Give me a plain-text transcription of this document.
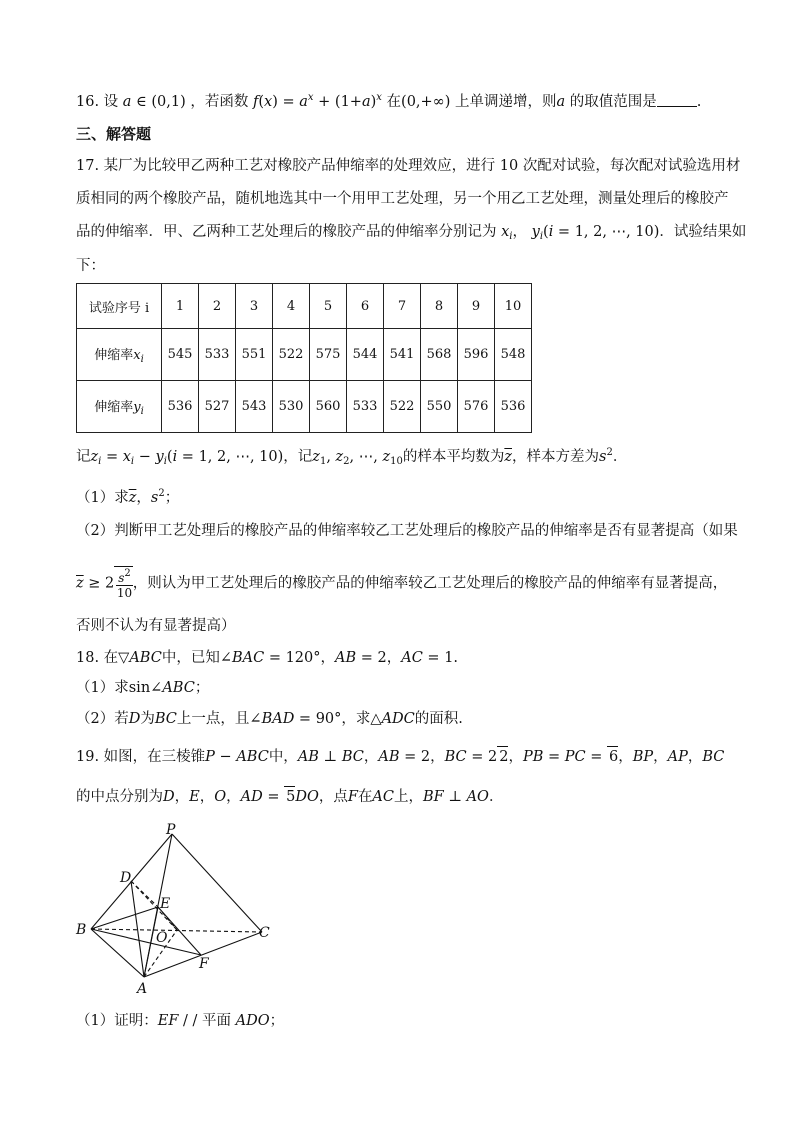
16. 设 a ∈ (0,1) ，若函数 $f(x) = a^x + (1+a)^x$ 在(0,+∞) 上单调递增，则a 的取值范围是	.
三、解答题
17. 某厂为比较甲乙两种工艺对橡胶产品伸缩率的处理效应，进行 10 次配对试验，每次配对试验选用材
质相同的两个橡胶产品，随机地选其中一个用甲工艺处理，另一个用乙工艺处理，测量处理后的橡胶产
品的伸缩率．甲、乙两种工艺处理后的橡胶产品的伸缩率分别记为 $x_i$， $y_i(i = 1$, 2, ⋯, 10)．试验结果如
下：
试验序号 i	1	2	3	4	5	6	7	8	9	10
伸缩率$x_i$	545	533	551	522	575	544	541	568	596	548
伸缩率$y_i$	536	527	543	530	560	533	522	550	576	536
记$z_i = x_i - y_i(i = 1$, 2, ⋯, 10)，记$z_1$, $z_2$, ⋯, $z_{10}$的样本平均数为$\overline{z}$，样本方差为$s^2$．
（1）求$\overline{z}$，$s^2$；
（2）判断甲工艺处理后的橡胶产品的伸缩率较乙工艺处理后的橡胶产品的伸缩率是否有显著提高（如果
$\overline{z} \ge 2 \frac{s^2}{10}$ ，则认为甲工艺处理后的橡胶产品的伸缩率较乙工艺处理后的橡胶产品的伸缩率有显著提高，
否则不认为有显著提高）
18. 在▽ABC中，已知∠BAC = 120°，AB = 2，AC = 1.
（1）求sin∠ABC；
（2）若D为BC上一点，且∠BAD = 90°，求△ADC的面积.
19. 如图，在三棱锥P − ABC中，AB ⊥ BC，AB = 2，BC = 2 2，PB = PC = 6，BP，AP，BC
的中点分别为D，E，O，AD = 5DO，点F在AC上，BF ⊥ AO．
P
D
E
B	O	C
F
A
（1）证明：EF / / 平面 ADO；
